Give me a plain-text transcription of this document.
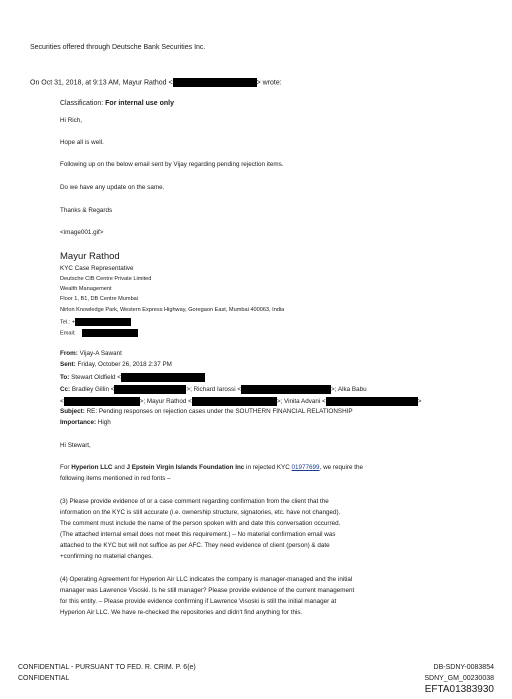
Securities offered through Deutsche Bank Securities Inc.
On Oct 31, 2018, at 9:13 AM, Mayur Rathod <	> wrote:
Classification: For internal use only
Hi Rich,
Hope all is well.
Following up on the below email sent by Vijay regarding pending rejection items.
Do we have any update on the same.
Thanks & Regards
<image001.gif>
Mayur Rathod
KYC Case Representative
Deutsche CIB Centre Private Limited
Wealth Management
Floor 1, B1, DB Centre Mumbai
Nirlon Knowledge Park, Western Express Highway, Goregaon East, Mumbai 400063, India
Tel.: +
Email:
From: Vijay-A Sawant
Sent: Friday, October 26, 2018 2:37 PM
To: Stewart Oldfield <
Cc: Bradley Gillin <	>; Richard Iarossi <	>; Alka Babu
<	>; Mayur Rathod <	>; Vinita Advani <	>
Subject: RE: Pending responses on rejection cases under the SOUTHERN FINANCIAL RELATIONSHIP
Importance: High
Hi Stewart,
For Hyperion LLC and J Epstein Virgin Islands Foundation Inc in rejected KYC 01977699, we require the
following items mentioned in red fonts –
(3) Please provide evidence of or a case comment regarding confirmation from the client that the
information on the KYC is still accurate (i.e. ownership structure, signatories, etc. have not changed).
The comment must include the name of the person spoken with and date this conversation occurred.
(The attached internal email does not meet this requirement.) – No material confirmation email was
attached to the KYC but will not suffice as per AFC. They need evidence of client (person) & date
+confirming no material changes.
(4) Operating Agreement for Hyperion Air LLC indicates the company is manager-managed and the initial
manager was Lawrence Visoski. Is he still manager? Please provide evidence of the current management
for this entity. – Please provide evidence confirming if Lawrence Visoski is still the initial manager at
Hyperion Air LLC. We have re-checked the repositories and didn't find anything for this.
CONFIDENTIAL - PURSUANT TO FED. R. CRIM. P. 6(e)
CONFIDENTIAL
DB-SDNY-0083854
SDNY_GM_00230038
EFTA01383930
